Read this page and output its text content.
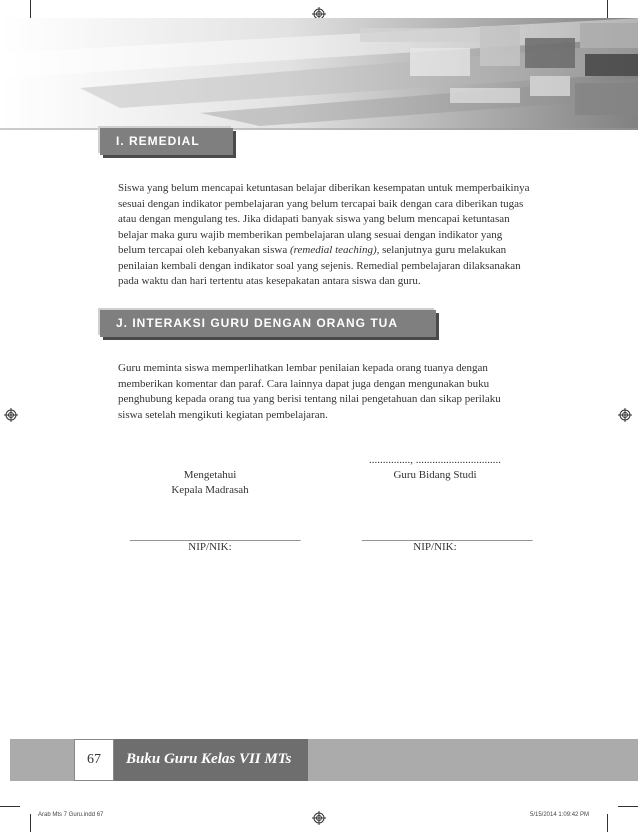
I. REMEDIAL

Siswa yang belum mencapai ketuntasan belajar diberikan kesempatan untuk memperbaikinya

sesuai dengan indikator pembelajaran yang belum tercapai baik dengan cara diberikan tugas

atau dengan mengulang tes. Jika didapati banyak siswa yang belum mencapai ketuntasan

belajar maka guru wajib memberikan pembelajaran ulang sesuai dengan indikator yang

belum tercapai oleh kebanyakan siswa (remedial teaching), selanjutnya guru melakukan

penilaian kembali dengan indikator soal yang sejenis. Remedial pembelajaran dilaksanakan

pada waktu dan hari tertentu atas kesepakatan antara siswa dan guru.

J. INTERAKSI GURU DENGAN ORANG TUA

Guru meminta siswa memperlihatkan lembar penilaian kepada orang tuanya dengan

memberikan komentar dan paraf. Cara lainnya dapat juga dengan mengunakan buku

penghubung kepada orang tua yang berisi tentang nilai pengetahuan dan sikap perilaku

siswa setelah mengikuti kegiatan pembelajaran.

..............., ...............................
Mengetahui
Kepala Madrasah
Guru Bidang Studi
_______________________________	_______________________________
NIP/NIK:	NIP/NIK:
67	Buku Guru Kelas VII MTs
Arab Mts 7 Guru.indd 67	5/15/2014 1:09:42 PM
